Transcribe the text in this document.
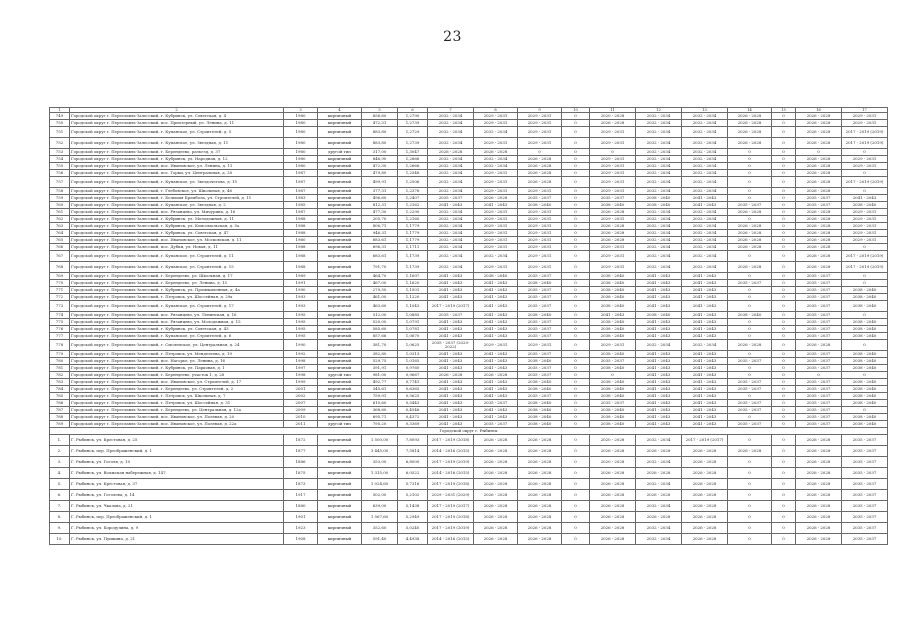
23
1	2	3	4	5	6	7	8	9	10	11	12	13	14	15	16	17
749	Городской округ г. Переславль-Залесский, г. Кубринск, ул. Советская, д. 4	1980	кирпичный	856,60	1,2790	2032 - 2034	2029 - 2031	2029 - 2031	0	2020 - 2028	2032 - 2034	2032 - 2034	2026 - 2028	0	2026 - 2028	2029 - 2031
750	Городской округ г. Переславль-Залесский, пос. Приозерный, ул. Ленина, д. 11	1980	кирпичный	472,31	1,2739	2032 - 2034	2029 - 2031	2029 - 2031	0	2026 - 2028	2032 - 2034	2032 - 2034	2026 - 2028	0	2026 - 2028	2029 - 2031
751	Городской округ г. Переславль-Залесский, г. Купанское, ул. Строителей, д. 5	1980	кирпичный	883,80	1,2729	2032 - 2034	2032 - 2034	2029 - 2031	0	2029 - 2031	2032 - 2034	2032 - 2034	2026 - 2028	0	2026 - 2028	2017 - 2019 (2019)
752	Городской округ г. Переславль-Залесский, г. Купанское, ул. Звездная, д. 11	1980	кирпичный	883,80	1,2739	2032 - 2034	2029 - 2031	2029 - 2031	0	2029 - 2031	2032 - 2034	2032 - 2034	2026 - 2028	0	2026 - 2028	2017 - 2019 (2019)
753	Городской округ г. Переславль-Залесский, г. Берендеево, разъезд, д. 37	1980	другой тип	317,00	1,3047	2026 - 2028	2026 - 2028	0	0	0	2032 - 2034	2032 - 2034	0	0	0	0
754	Городской округ г. Переславль-Залесский, г. Кубринск, ул. Народная, д. 12	1980	кирпичный	846,90	1,2666	2032 - 2034	2032 - 2034	2026 - 2028	0	2029 - 2031	2032 - 2034	2032 - 2034	0	0	2026 - 2028	2029 - 2031
755	Городской округ г. Переславль-Залесский, пос. Ивановское, ул. Ленина, д. 11	1980	кирпичный	472,30	1,2666	2032 - 2034	2032 - 2034	2026 - 2028	0	2029 - 2031	2032 - 2034	2032 - 2034	0	0	2026 - 2028	2029 - 2031
756	Городской округ г. Переславль-Залесский, пос. Горки, ул. Центральная, д. 28	1987	кирпичный	479,80	1,2546	2032 - 2034	2029 - 2031	2026 - 2028	0	2029 - 2031	2032 - 2034	2032 - 2034	0	0	2026 - 2028	0
757	Городской округ г. Переславль-Залесский, г. Купанское, ул. Звездочетова, д. 15	1987	кирпичный	499,91	1,2506	2032 - 2034	2029 - 2031	2026 - 2028	0	2029 - 2031	2032 - 2034	2032 - 2034	0	0	2026 - 2028	2017 - 2019 (2019)
758	Городской округ г. Переславль-Залесский, г. Глебовское, ул. Школьная, д. 46	1987	кирпичный	377,31	1,2376	2032 - 2034	2029 - 2031	2029 - 2031	0	2029 - 2031	2032 - 2034	2032 - 2034	0	0	2026 - 2028	0
759	Городской округ г. Переславль-Залесский, г. Большая Брембола, ул. Строителей, д. 11	1983	кирпичный	496,60	1,2407	2035 - 2037	2026 - 2028	2035 - 2037	0	2035 - 2037	2038 - 2040	2041 - 2043	0	0	2035 - 2037	2041 - 2043
760	Городской округ г. Переславль-Залесский, г. Купанское, ул. Звездная, д. 2	1985	кирпичный	812,31	1,2162	2041 - 2043	2041 - 2043	2038 - 2040	0	2038 - 2040	2038 - 2040	2041 - 2043	2035 - 2037	0	2035 - 2037	2038 - 2040
761	Городской округ г. Переславль-Залесский, пос. Рязанцево, ул. Мичурина, д. 16	1987	кирпичный	477,30	1,2290	2032 - 2034	2029 - 2031	2029 - 2031	0	2026 - 2028	2032 - 2034	2032 - 2034	2026 - 2028	0	2026 - 2028	2029 - 2031
762	Городской округ г. Переславль-Залесский, г. Кубринск, ул. Молодежная, д. 11	1988	кирпичный	205,70	1,2160	2032 - 2034	2029 - 2031	2029 - 2031	0	2029 - 2031	2032 - 2034	2032 - 2034	0	0	2026 - 2028	2029 - 2031
763	Городской округ г. Переславль-Залесский, г. Кубринск, ул. Комсомольская, д. 5а	1988	кирпичный	806,71	1,1779	2032 - 2034	2029 - 2031	2029 - 2031	0	2026 - 2028	2032 - 2034	2032 - 2034	2026 - 2028	0	2026 - 2028	2029 - 2031
764	Городской округ г. Переславль-Залесский, г. Кубринск, ул. Советская, д. 47	1988	кирпичный	946,31	1,1779	2032 - 2034	2029 - 2031	2029 - 2031	0	2026 - 2028	2032 - 2034	2032 - 2034	2026 - 2028	0	2026 - 2028	2029 - 2031
765	Городской округ г. Переславль-Залесский, пос. Ивановское, ул. Московская, д. 11	1960	кирпичный	683,61	1,1779	2032 - 2034	2029 - 2031	2029 - 2031	0	2026 - 2028	2032 - 2034	2032 - 2034	2026 - 2028	0	2026 - 2028	2029 - 2031
766	Городской округ г. Переславль-Залесский, пос. Дубки, ул. Новая, д. 11	1988	кирпичный	696,31	1,1711	2032 - 2034	2029 - 2031	2029 - 2031	0	2029 - 2031	2032 - 2034	2032 - 2034	2026 - 2028	0	2026 - 2028	0
767	Городской округ г. Переславль-Залесский, г. Купанское, ул. Строителей, д. 11	1988	кирпичный	683,61	1,1739	2032 - 2034	2032 - 2034	2029 - 2031	0	2029 - 2031	2032 - 2034	2032 - 2034	0	0	2026 - 2028	2017 - 2019 (2019)
768	Городской округ г. Переславль-Залесский, г. Купанское, ул. Строителей, д. 15	1988	кирпичный	791,70	1,1739	2032 - 2034	2029 - 2031	2029 - 2031	0	2029 - 2031	2032 - 2034	2032 - 2034	2026 - 2028	0	2026 - 2028	2017 - 2019 (2019)
769	Городской округ г. Переславль-Залесский, г. Берендеево, ул. Школьная, д. 17	1989	кирпичный	464,70	1,1697	2041 - 2043	2038 - 2040	2035 - 2037	0	2038 - 2040	2041 - 2043	2041 - 2043	0	0	2035 - 2037	0
770	Городской округ г. Переславль-Залесский, г. Берендеево, ул. Ленина, д. 15	1991	кирпичный	467,00	1,1620	2041 - 2043	2041 - 2043	2038 - 2040	0	2038 - 2040	2041 - 2043	2041 - 2043	2035 - 2037	0	2035 - 2037	0
771	Городской округ г. Переславль-Залесский, г. Кубринск, ул. Промышленная, д. 4а	1990	кирпичный	279,50	1,1501	2041 - 2043	2041 - 2043	2035 - 2037	0	2038 - 2040	2041 - 2043	2041 - 2043	0	0	2035 - 2037	2038 - 2040
772	Городской округ г. Переславль-Залесский, г. Петровск, ул. Шоссейная, д. 29а	1993	кирпичный	461,00	1,1220	2041 - 2043	2041 - 2043	2035 - 2037	0	2038 - 2040	2041 - 2043	2041 - 2043	0	0	2035 - 2037	2038 - 2040
773	Городской округ г. Переславль-Залесский, г. Купанское, ул. Строителей, д. 17	1993	кирпичный	463,60	1,1043	2017 - 2019 (2017)	2041 - 2043	2035 - 2037	0	2038 - 2040	2041 - 2043	2041 - 2043	0	0	2035 - 2037	2038 - 2040
774	Городской округ г. Переславль-Залесский, пос. Рязанцево, ул. Ленинская, д. 16	1995	кирпичный	512,00	1,0885	2035 - 2037	2041 - 2043	2038 - 2040	0	2041 - 2043	2038 - 2040	2041 - 2043	2038 - 2040	0	2035 - 2037	0
775	Городской округ г. Переславль-Залесский, пос. Рязанцево, ул. Молодежная, д. 15	1995	кирпичный	520,00	1,0791	2041 - 2043	2041 - 2043	2035 - 2037	0	2038 - 2040	2041 - 2043	2041 - 2043	0	0	2035 - 2037	2038 - 2040
776	Городской округ г. Переславль-Залесский, г. Кубринск, ул. Советская, д. 43	1995	кирпичный	585,60	1,0781	2041 - 2043	2041 - 2043	2035 - 2037	0	2038 - 2040	2041 - 2043	2041 - 2043	0	0	2035 - 2037	2038 - 2040
777	Городской округ г. Переславль-Залесский, г. Купанское, ул. Строителей, д. 6	1995	кирпичный	857,66	1,0670	2041 - 2043	2041 - 2043	2035 - 2037	0	2038 - 2040	2041 - 2043	2041 - 2043	0	0	2035 - 2037	2038 - 2040
778	Городской округ г. Переславль-Залесский, г. Смоленское, ул. Центральная, д. 24	1990	кирпичный	381,70	1,0625	2035 - 2037 (2020-2022)	2029 - 2031	2029 - 2031	0	2029 - 2031	2032 - 2034	2032 - 2034	2026 - 2028	0	2026 - 2028	0
779	Городской округ г. Переславль-Залесский, г. Петровск, ул. Менделеева, д. 19	1992	кирпичный	382,80	1,0313	2041 - 2043	2041 - 2043	2035 - 2037	0	2038 - 2040	2041 - 2043	2041 - 2043	0	0	2035 - 2037	2038 - 2040
780	Городской округ г. Переславль-Залесский, пос. Нагорье, ул. Ленина, д. 16	1998	кирпичный	529,75	1,0165	2041 - 2043	2041 - 2043	2038 - 2040	0	2035 - 2037	2041 - 2043	2041 - 2043	2035 - 2037	0	2035 - 2037	2038 - 2040
781	Городской округ г. Переславль-Залесский, г. Кубринск, ул. Парковая, д. 1	1997	кирпичный	391,91	0,9760	2041 - 2043	2041 - 2043	2035 - 2037	0	2038 - 2040	2041 - 2043	2041 - 2043	0	0	2035 - 2037	2038 - 2040
782	Городской округ г. Переславль-Залесский, г. Берендеево, участок 1, д. 28	1998	другой тип	981,00	0,9667	2026 - 2028	2026 - 2028	2035 - 2037	0	0	2041 - 2043	2041 - 2043	0	0	0	0
783	Городской округ г. Переславль-Залесский, пос. Ивановское, ул. Строителей, д. 17	1999	кирпичный	492,77	0,7741	2041 - 2043	2041 - 2043	2038 - 2040	0	2038 - 2040	2041 - 2043	2041 - 2043	2035 - 2037	0	2035 - 2037	2038 - 2040
784	Городской округ г. Переславль-Залесский, г. Берендеево, ул. Строителей, д. 2	2001	кирпичный	345,61	0,6365	2041 - 2043	2041 - 2043	2038 - 2040	0	2038 - 2040	2041 - 2043	2041 - 2043	2035 - 2037	0	2035 - 2037	2038 - 2040
785	Городской округ г. Переславль-Залесский, г. Петровск, ул. Школьная, д. 7	2002	кирпичный	759,91	0,5625	2041 - 2043	2041 - 2043	2035 - 2037	0	2038 - 2040	2041 - 2043	2041 - 2043	0	0	2035 - 2037	2038 - 2040
786	Городской округ г. Переславль-Залесский, г. Петровск, ул. Шоссейная, д. 31	2007	кирпичный	610,60	0,5443	2041 - 2043	2035 - 2037	2038 - 2040	0	2035 - 2037	2041 - 2043	2041 - 2043	2035 - 2037	0	2035 - 2037	2038 - 2040
787	Городской округ г. Переславль-Залесский, г. Берендеево, ул. Центральная, д. 12а	2009	кирпичный	368,60	0,4546	2041 - 2043	2041 - 2043	2038 - 2040	0	2038 - 2040	2041 - 2043	2041 - 2043	2035 - 2037	0	2035 - 2037	0
788	Городской округ г. Переславль-Залесский, пос. Ивановское, ул. Полевая, д. 20	2010	кирпичный	695,71	0,4372	2041 - 2043	2041 - 2043	2038 - 2040	0	2038 - 2040	2041 - 2043	2041 - 2043	0	0	2035 - 2037	2038 - 2040
789	Городской округ г. Переславль-Залесский, пос. Ивановское, ул. Полевая, д. 22а	2011	другой тип	795,20	0,3369	2041 - 2043	2035 - 2037	2038 - 2040	0	2038 - 2040	2041 - 2043	2041 - 2043	2035 - 2037	0	2035 - 2037	2038 - 2040
Городской округ г. Рыбинск																
1.	Г. Рыбинск, ул. Крестовая, д. 25	1872	кирпичный	1 500,00	7,8093	2017 - 2019 (2018)	2026 - 2028	2026 - 2028	0	2020 - 2028	2032 - 2034	2017 - 2019 (2017)	0	0	2026 - 2028	2035 - 2037
2.	Г. Рыбинск, пер. Преображенский, д. 1	1877	кирпичный	3 445,00	7,5814	2014 - 2016 (2015)	2026 - 2028	2026 - 2028	0	2026 - 2028	2026 - 2028	2026 - 2028	2026 - 2028	0	2026 - 2028	2035 - 2037
3.	Г. Рыбинск, ул. Гоголя, д. 10	1886	кирпичный	353,00	6,8000	2017 - 2019 (2019)	2026 - 2028	2026 - 2028	0	2020 - 2028	2032 - 2034	2026 - 2028	0	0	2026 - 2028	2035 - 2037
4.	Г. Рыбинск, ул. Волжская набережная, д. 147	1875	кирпичный	1 315,00	6,0522	2014 - 2016 (2015)	2026 - 2028	2026 - 2028	0	2026 - 2028	2026 - 2028	2026 - 2028	0	0	2026 - 2028	2035 - 2037
5.	Г. Рыбинск, ул. Крестовая, д. 37	1873	кирпичный	1 024,60	5,7316	2017 - 2019 (2018)	2026 - 2028	2026 - 2028	0	2026 - 2028	2032 - 2034	2026 - 2028	0	0	2026 - 2028	2035 - 2037
6.	Г. Рыбинск, ул. Гоголева, д. 14	1917	кирпичный	502,00	5,2102	2029 - 2031 (2029)	2026 - 2028	2026 - 2028	0	2026 - 2028	2026 - 2028	2026 - 2028	0	0	2026 - 2028	2035 - 2037
7.	Г. Рыбинск, ул. Чкалова, д. 21	1880	кирпичный	639,00	5,1438	2017 - 2019 (2017)	2026 - 2028	2026 - 2028	0	2026 - 2028	2032 - 2034	2026 - 2028	0	0	2026 - 2028	2035 - 2037
8.	Г. Рыбинск, пер. Преображенский, д. 1	1901	кирпичный	1 567,60	5,2949	2017 - 2019 (2018)	2026 - 2028	2026 - 2028	0	2026 - 2028	2026 - 2028	2026 - 2028	0	0	2026 - 2028	2035 - 2037
9.	Г. Рыбинск, ул. Бородулина, д. 9	1923	кирпичный	352,60	5,0240	2017 - 2019 (2019)	2026 - 2028	2026 - 2028	0	2026 - 2028	2032 - 2034	2026 - 2028	0	0	2026 - 2028	2035 - 2037
10.	Г. Рыбинск, ул. Пушкина, д. 21	1908	кирпичный	591,40	4,4938	2014 - 2016 (2015)	2026 - 2028	2026 - 2028	0	2026 - 2028	2032 - 2034	2026 - 2028	0	0	2026 - 2028	2035 - 2037
